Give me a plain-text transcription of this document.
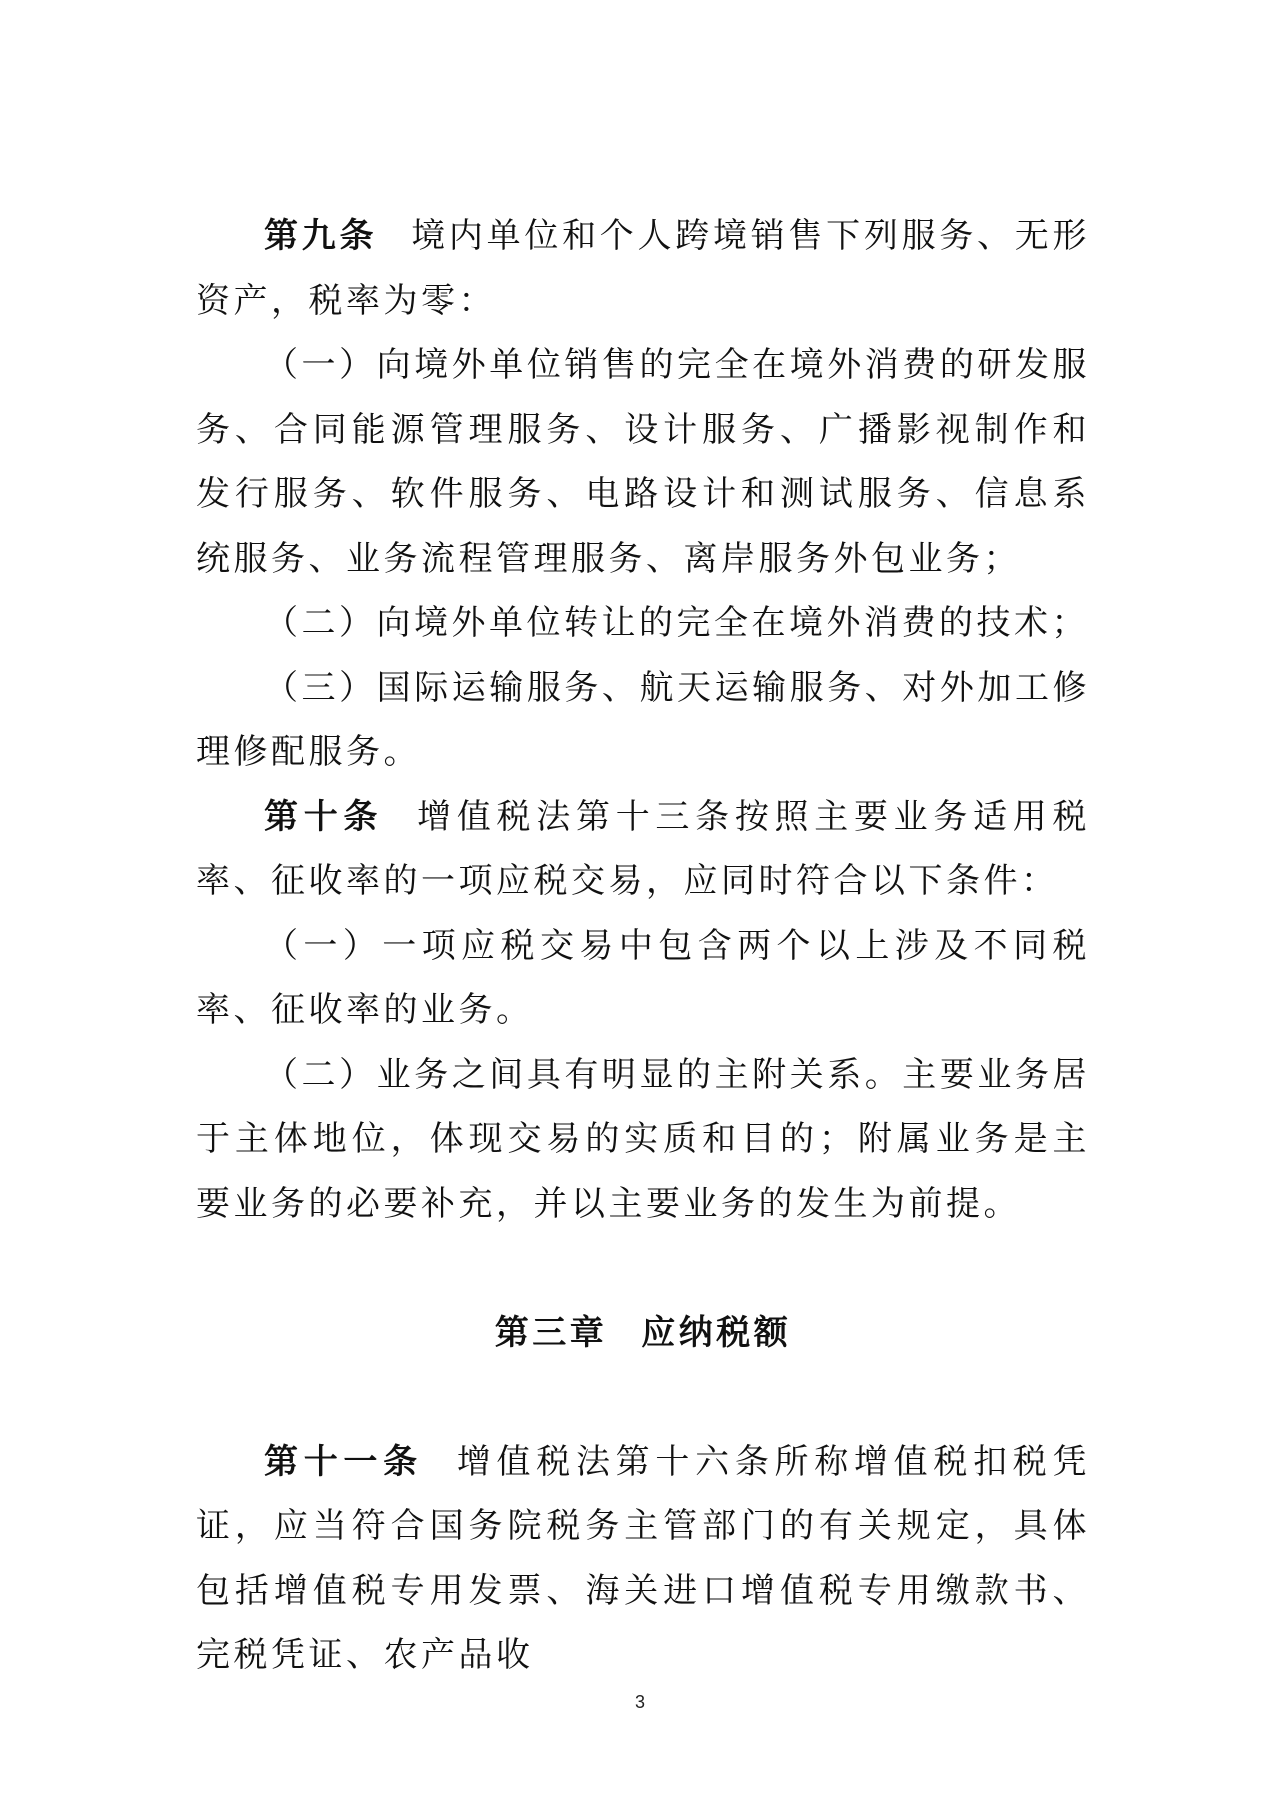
第九条 境内单位和个人跨境销售下列服务、无形资产，税率为零：

（一）向境外单位销售的完全在境外消费的研发服务、合同能源管理服务、设计服务、广播影视制作和发行服务、软件服务、电路设计和测试服务、信息系统服务、业务流程管理服务、离岸服务外包业务；

（二）向境外单位转让的完全在境外消费的技术；

（三）国际运输服务、航天运输服务、对外加工修理修配服务。

第十条 增值税法第十三条按照主要业务适用税率、征收率的一项应税交易，应同时符合以下条件：

（一）一项应税交易中包含两个以上涉及不同税率、征收率的业务。

（二）业务之间具有明显的主附关系。主要业务居于主体地位，体现交易的实质和目的；附属业务是主要业务的必要补充，并以主要业务的发生为前提。

第三章 应纳税额

第十一条 增值税法第十六条所称增值税扣税凭证，应当符合国务院税务主管部门的有关规定，具体包括增值税专用发票、海关进口增值税专用缴款书、完税凭证、农产品收

3
